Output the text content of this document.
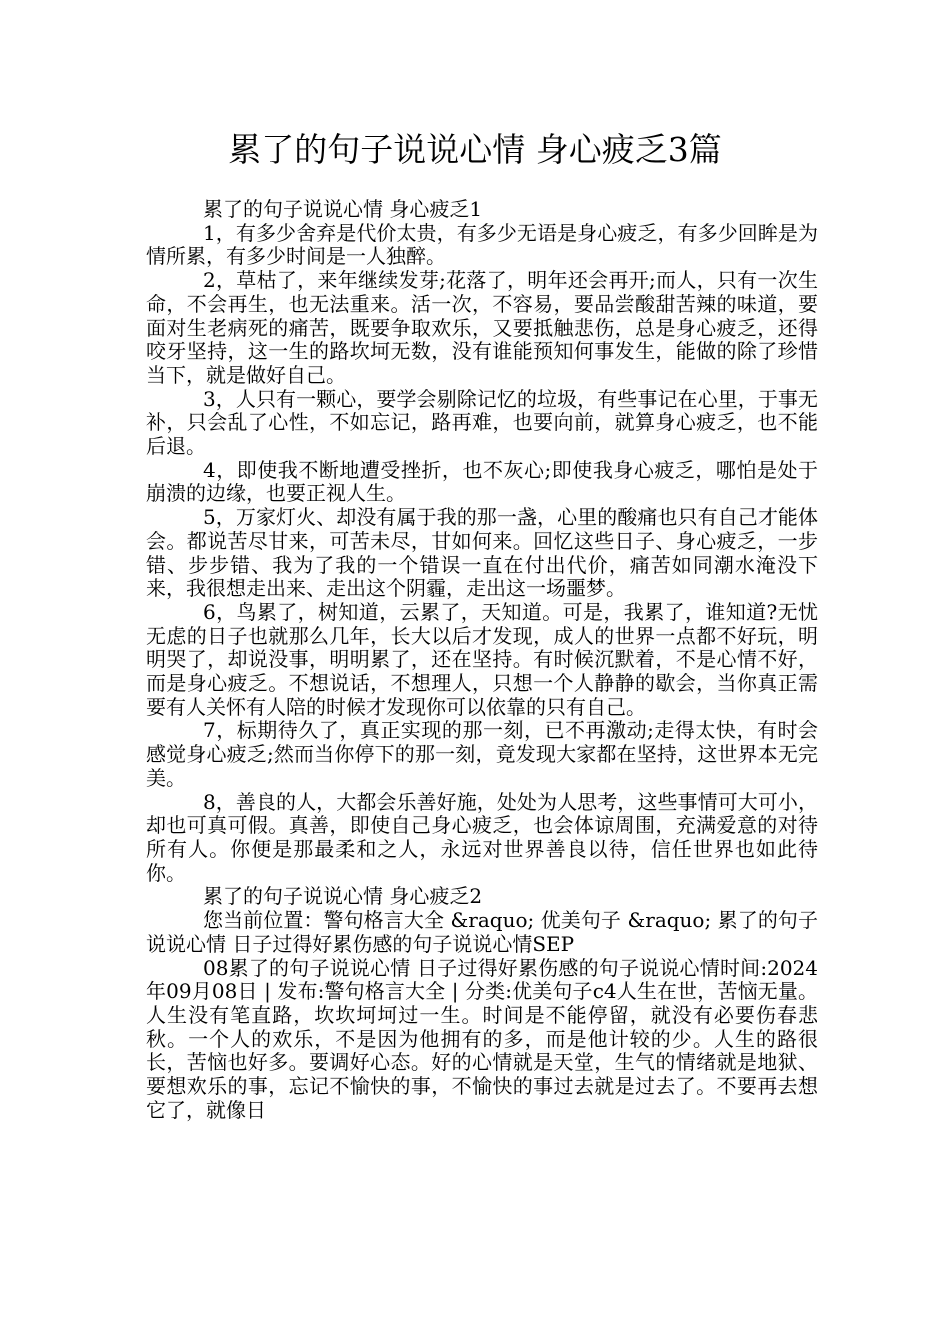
累了的句子说说心情 身心疲乏3篇

累了的句子说说心情 身心疲乏1

1，有多少舍弃是代价太贵，有多少无语是身心疲乏，有多少回眸是为情所累，有多少时间是一人独醉。

2，草枯了，来年继续发芽;花落了，明年还会再开;而人，只有一次生命，不会再生，也无法重来。活一次，不容易，要品尝酸甜苦辣的味道，要面对生老病死的痛苦，既要争取欢乐，又要抵触悲伤，总是身心疲乏，还得咬牙坚持，这一生的路坎坷无数，没有谁能预知何事发生，能做的除了珍惜当下，就是做好自己。

3，人只有一颗心，要学会剔除记忆的垃圾，有些事记在心里，于事无补，只会乱了心性，不如忘记，路再难，也要向前，就算身心疲乏，也不能后退。

4，即使我不断地遭受挫折，也不灰心;即使我身心疲乏，哪怕是处于崩溃的边缘，也要正视人生。

5，万家灯火、却没有属于我的那一盏，心里的酸痛也只有自己才能体会。都说苦尽甘来，可苦未尽，甘如何来。回忆这些日子、身心疲乏，一步错、步步错、我为了我的一个错误一直在付出代价，痛苦如同潮水淹没下来，我很想走出来、走出这个阴霾，走出这一场噩梦。

6，鸟累了，树知道，云累了，天知道。可是，我累了，谁知道?无忧无虑的日子也就那么几年，长大以后才发现，成人的世界一点都不好玩，明明哭了，却说没事，明明累了，还在坚持。有时候沉默着，不是心情不好，而是身心疲乏。不想说话，不想理人，只想一个人静静的歇会，当你真正需要有人关怀有人陪的时候才发现你可以依靠的只有自己。

7，标期待久了，真正实现的那一刻，已不再激动;走得太快，有时会感觉身心疲乏;然而当你停下的那一刻，竟发现大家都在坚持，这世界本无完美。

8，善良的人，大都会乐善好施，处处为人思考，这些事情可大可小，却也可真可假。真善，即使自己身心疲乏，也会体谅周围，充满爱意的对待所有人。你便是那最柔和之人，永远对世界善良以待，信任世界也如此待你。

累了的句子说说心情 身心疲乏2

您当前位置：警句格言大全 &raquo; 优美句子 &raquo; 累了的句子说说心情 日子过得好累伤感的句子说说心情SEP

08累了的句子说说心情 日子过得好累伤感的句子说说心情时间:2024年09月08日 | 发布:警句格言大全 | 分类:优美句子c4人生在世，苦恼无量。人生没有笔直路，坎坎坷坷过一生。时间是不能停留，就没有必要伤春悲秋。一个人的欢乐，不是因为他拥有的多，而是他计较的少。人生的路很长，苦恼也好多。要调好心态。好的心情就是天堂，生气的情绪就是地狱、要想欢乐的事，忘记不愉快的事，不愉快的事过去就是过去了。不要再去想它了，就像日
